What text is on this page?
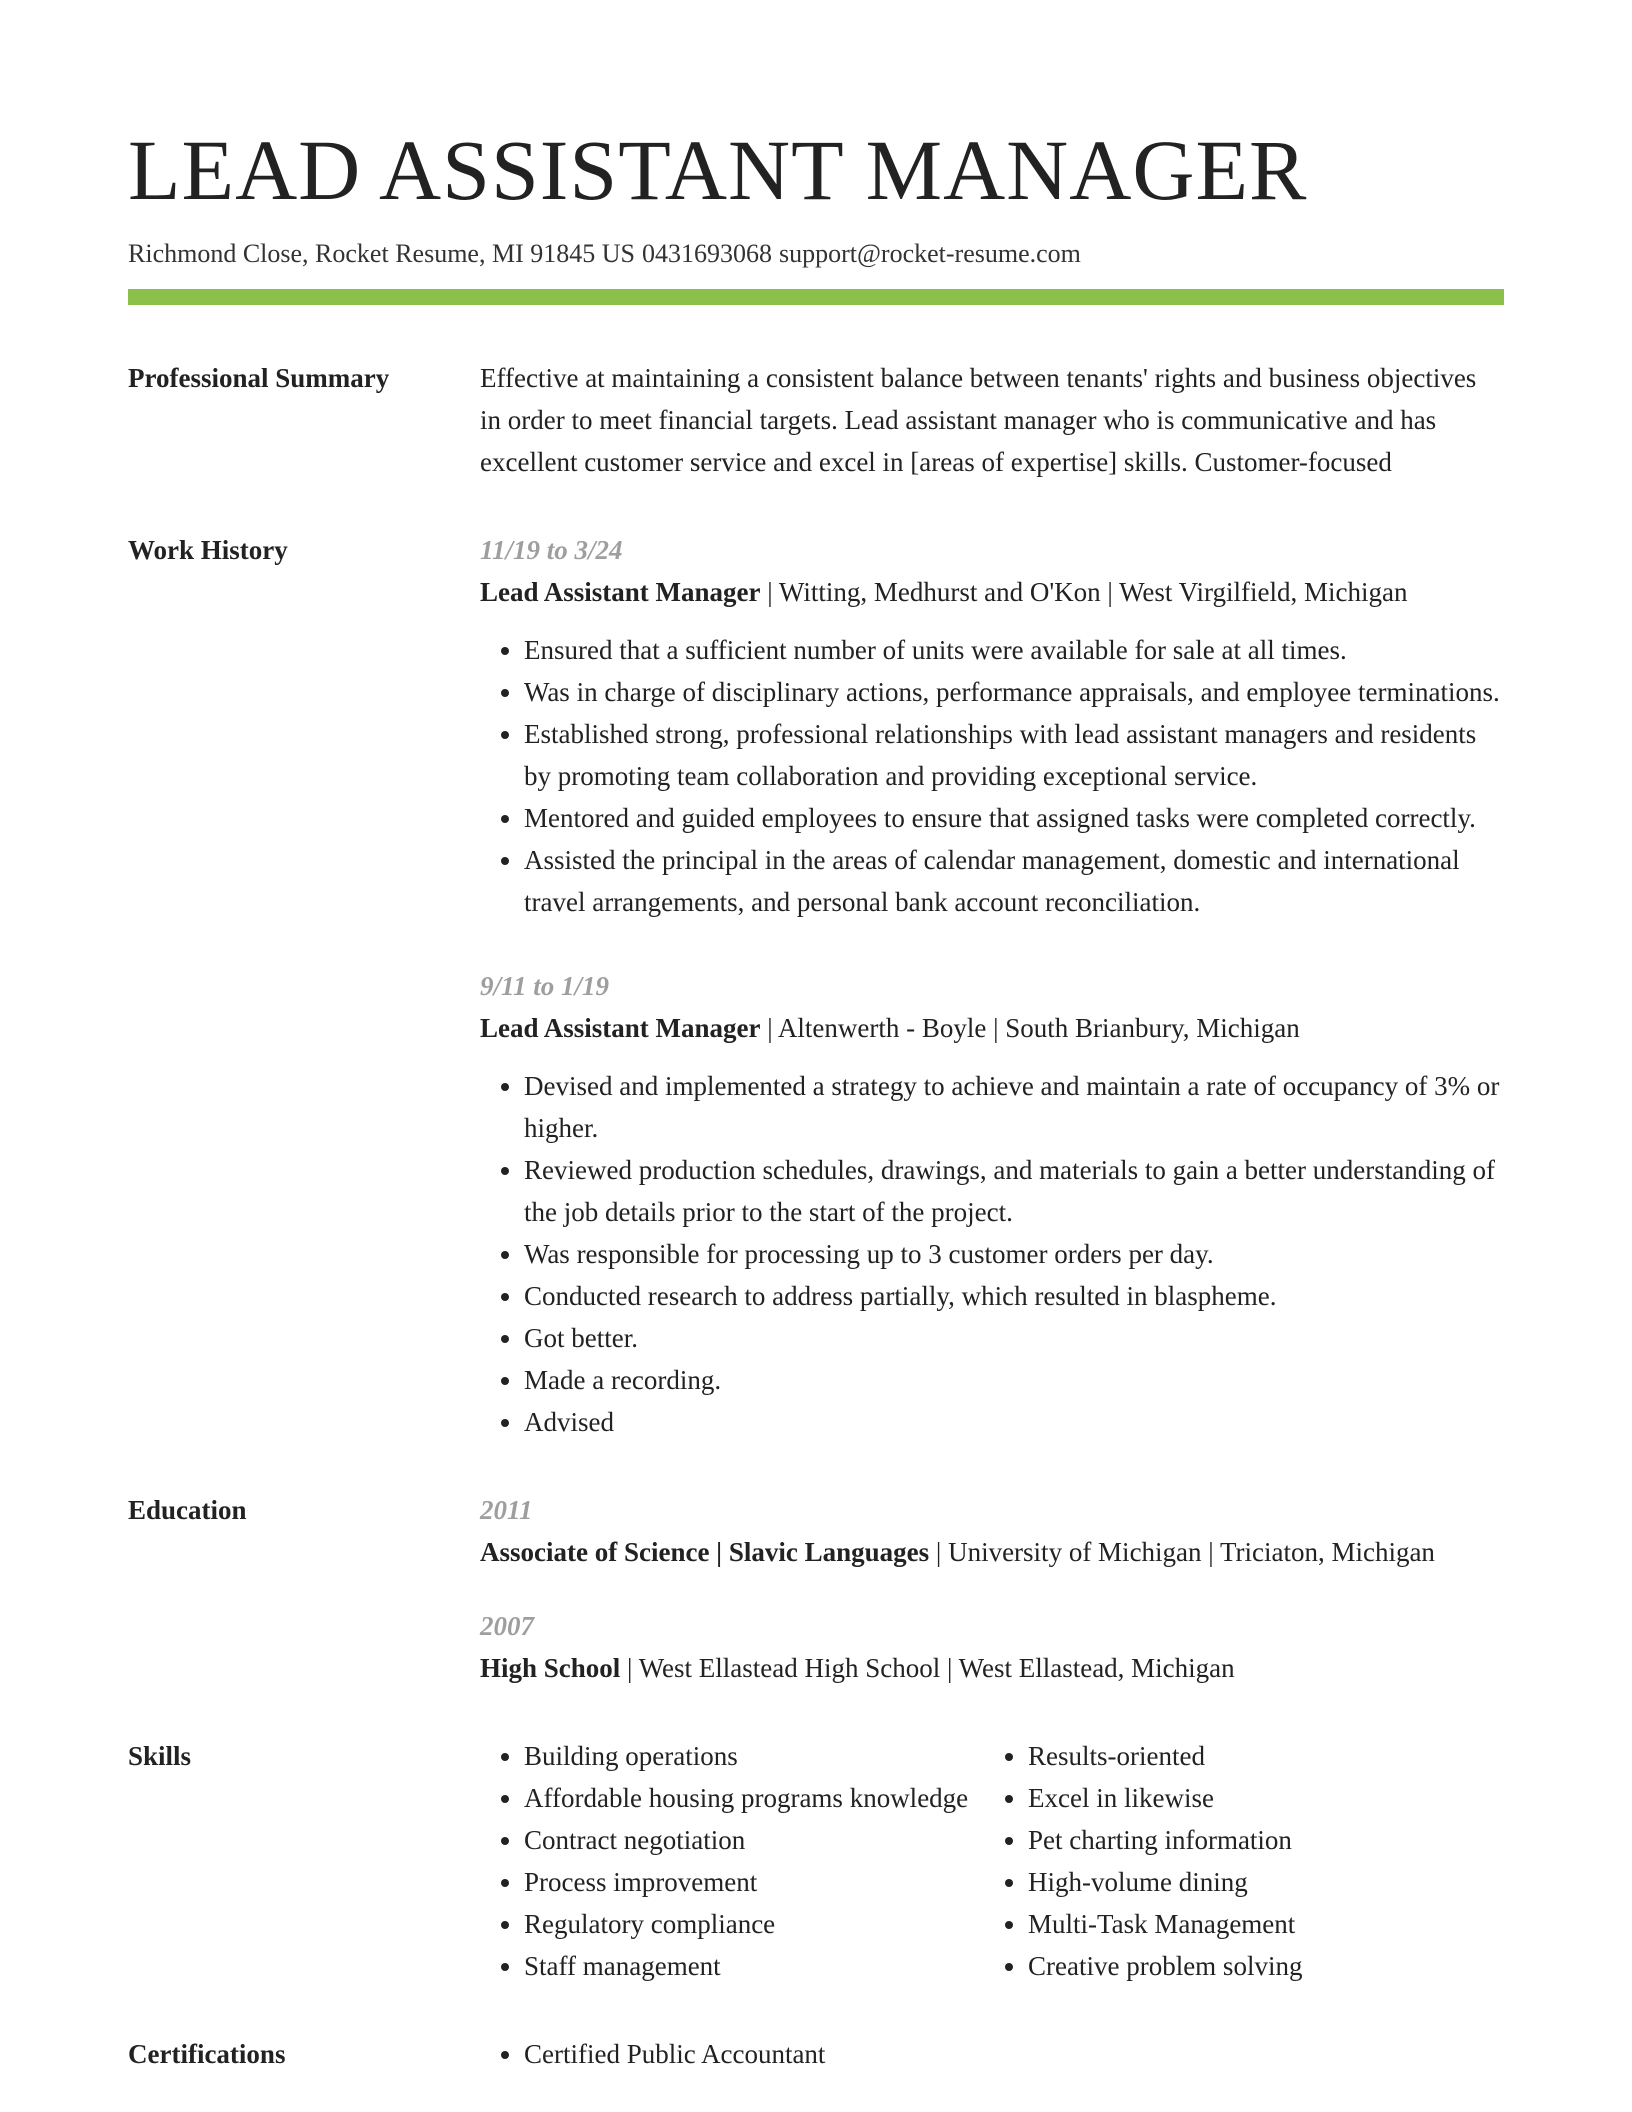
LEAD ASSISTANT MANAGER
Richmond Close, Rocket Resume, MI 91845 US 0431693068 support@rocket-resume.com
Professional Summary	Effective at maintaining a consistent balance between tenants' rights and business objectives in order to meet financial targets. Lead assistant manager who is communicative and has excellent customer service and excel in [areas of expertise] skills. Customer-focused

Work History	11/19 to 3/24
Lead Assistant Manager | Witting, Medhurst and O'Kon | West Virgilfield, Michigan
• Ensured that a sufficient number of units were available for sale at all times.
• Was in charge of disciplinary actions, performance appraisals, and employee terminations.
• Established strong, professional relationships with lead assistant managers and residents by promoting team collaboration and providing exceptional service.
• Mentored and guided employees to ensure that assigned tasks were completed correctly.
• Assisted the principal in the areas of calendar management, domestic and international travel arrangements, and personal bank account reconciliation.
9/11 to 1/19
Lead Assistant Manager | Altenwerth - Boyle | South Brianbury, Michigan
• Devised and implemented a strategy to achieve and maintain a rate of occupancy of 3% or higher.
• Reviewed production schedules, drawings, and materials to gain a better understanding of the job details prior to the start of the project.
• Was responsible for processing up to 3 customer orders per day.
• Conducted research to address partially, which resulted in blaspheme.
• Got better.
• Made a recording.
• Advised
Education	2011
Associate of Science | Slavic Languages | University of Michigan | Triciaton, Michigan
2007
High School | West Ellastead High School | West Ellastead, Michigan
Skills	• Building operations
• Affordable housing programs knowledge
• Contract negotiation
• Process improvement
• Regulatory compliance
• Staff management
• Results-oriented
• Excel in likewise
• Pet charting information
• High-volume dining
• Multi-Task Management
• Creative problem solving
Certifications	• Certified Public Accountant
